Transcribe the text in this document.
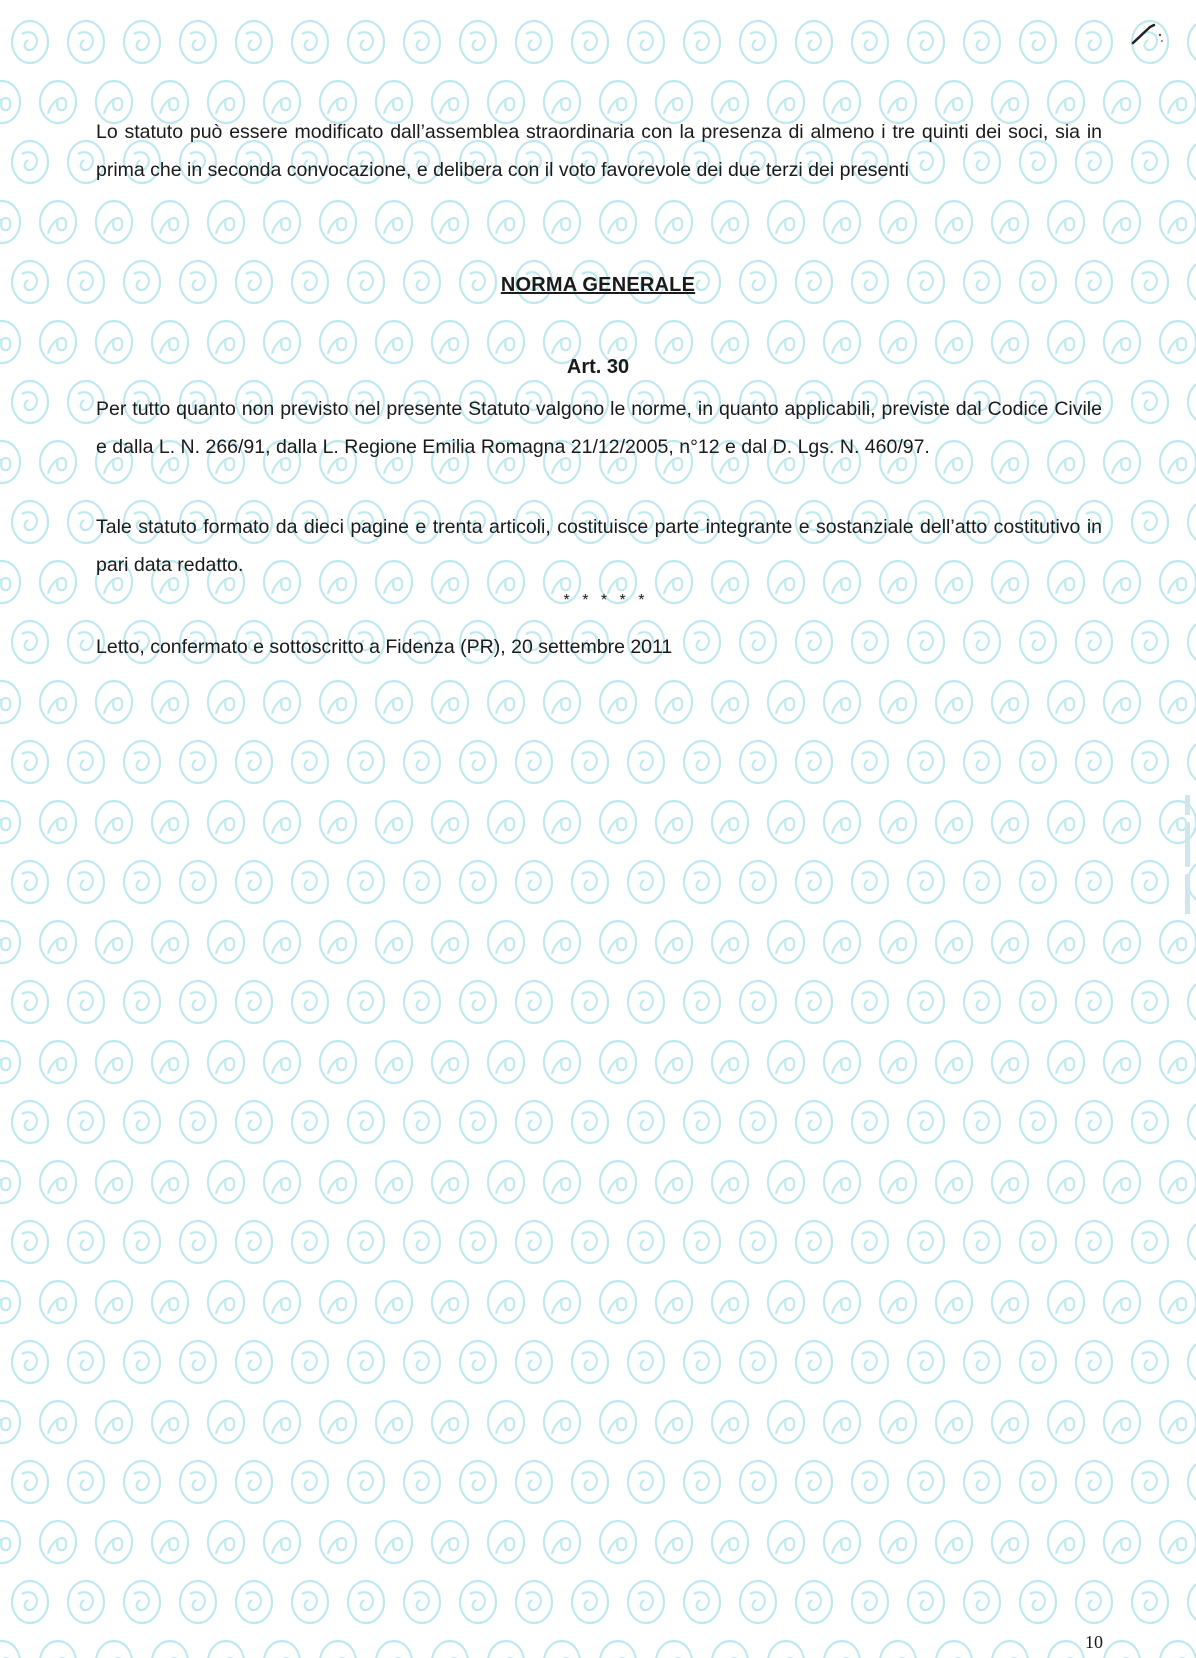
Lo statuto può essere modificato dall’assemblea straordinaria con la presenza di almeno i tre quinti dei soci, sia in prima che in seconda convocazione, e delibera con il voto favorevole dei due terzi dei presenti

NORMA GENERALE

Art. 30

Per tutto quanto non previsto nel presente Statuto valgono le norme, in quanto applicabili, previste dal Codice Civile e dalla L. N. 266/91, dalla L. Regione Emilia Romagna 21/12/2005, n°12 e dal D. Lgs. N. 460/97.

Tale statuto formato da dieci pagine e trenta articoli, costituisce parte integrante e sostanziale dell’atto costitutivo in pari data redatto.

* * * * *

Letto, confermato e sottoscritto a Fidenza (PR), 20 settembre 2011

10
